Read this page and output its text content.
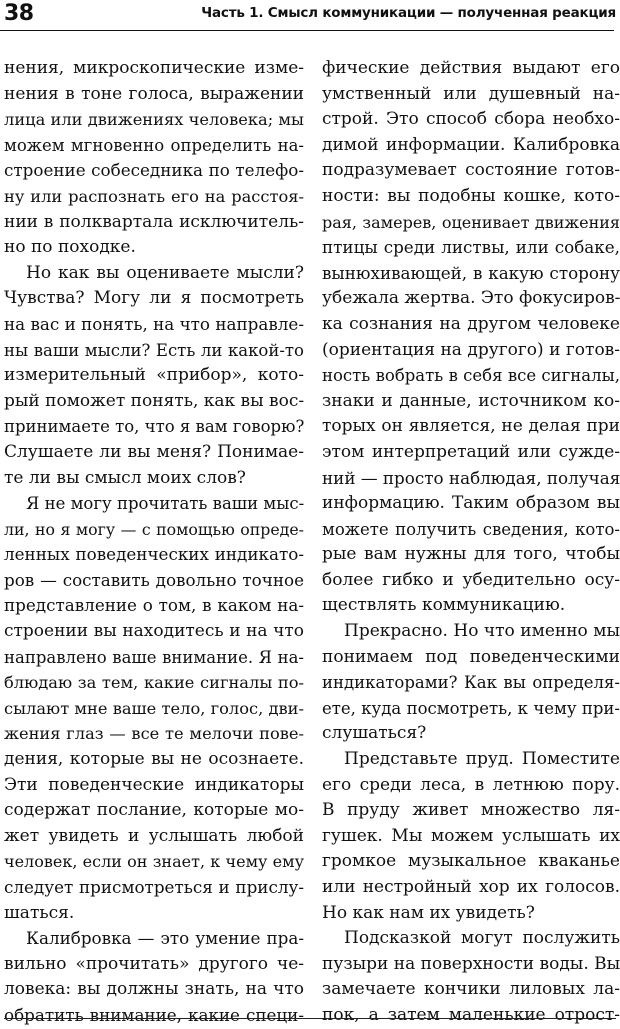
38	Часть 1. Смысл коммуникации — полученная реакция
нения, микроскопические изме-
нения в тоне голоса, выражении
лица или движениях человека; мы
можем мгновенно определить на-
строение собеседника по телефо-
ну или распознать его на расстоя-
нии в полквартала исключитель-
но по походке.
Но как вы оцениваете мысли?
Чувства? Могу ли я посмотреть
на вас и понять, на что направле-
ны ваши мысли? Есть ли какой-то
измерительный «прибор», кото-
рый поможет понять, как вы вос-
принимаете то, что я вам говорю?
Слушаете ли вы меня? Понимае-
те ли вы смысл моих слов?
Я не могу прочитать ваши мыс-
ли, но я могу — с помощью опреде-
ленных поведенческих индикато-
ров — составить довольно точное
представление о том, в каком на-
строении вы находитесь и на что
направлено ваше внимание. Я на-
блюдаю за тем, какие сигналы по-
сылают мне ваше тело, голос, дви-
жения глаз — все те мелочи пове-
дения, которые вы не осознаете.
Эти поведенческие индикаторы
содержат послание, которые мо-
жет увидеть и услышать любой
человек, если он знает, к чему ему
следует присмотреться и прислу-
шаться.
Калибровка — это умение пра-
вильно «прочитать» другого че-
ловека: вы должны знать, на что
обратить внимание, какие специ-
фические действия выдают его
умственный или душевный на-
строй. Это способ сбора необхо-
димой информации. Калибровка
подразумевает состояние готов-
ности: вы подобны кошке, кото-
рая, замерев, оценивает движения
птицы среди листвы, или собаке,
вынюхивающей, в какую сторону
убежала жертва. Это фокусиров-
ка сознания на другом человеке
(ориентация на другого) и готов-
ность вобрать в себя все сигналы,
знаки и данные, источником ко-
торых он является, не делая при
этом интерпретаций или сужде-
ний — просто наблюдая, получая
информацию. Таким образом вы
можете получить сведения, кото-
рые вам нужны для того, чтобы
более гибко и убедительно осу-
ществлять коммуникацию.
Прекрасно. Но что именно мы
понимаем под поведенческими
индикаторами? Как вы определя-
ете, куда посмотреть, к чему при-
слушаться?
Представьте пруд. Поместите
его среди леса, в летнюю пору.
В пруду живет множество ля-
гушек. Мы можем услышать их
громкое музыкальное кваканье
или нестройный хор их голосов.
Но как нам их увидеть?
Подсказкой могут послужить
пузыри на поверхности воды. Вы
замечаете кончики лиловых ла-
пок, а затем маленькие отрост-
